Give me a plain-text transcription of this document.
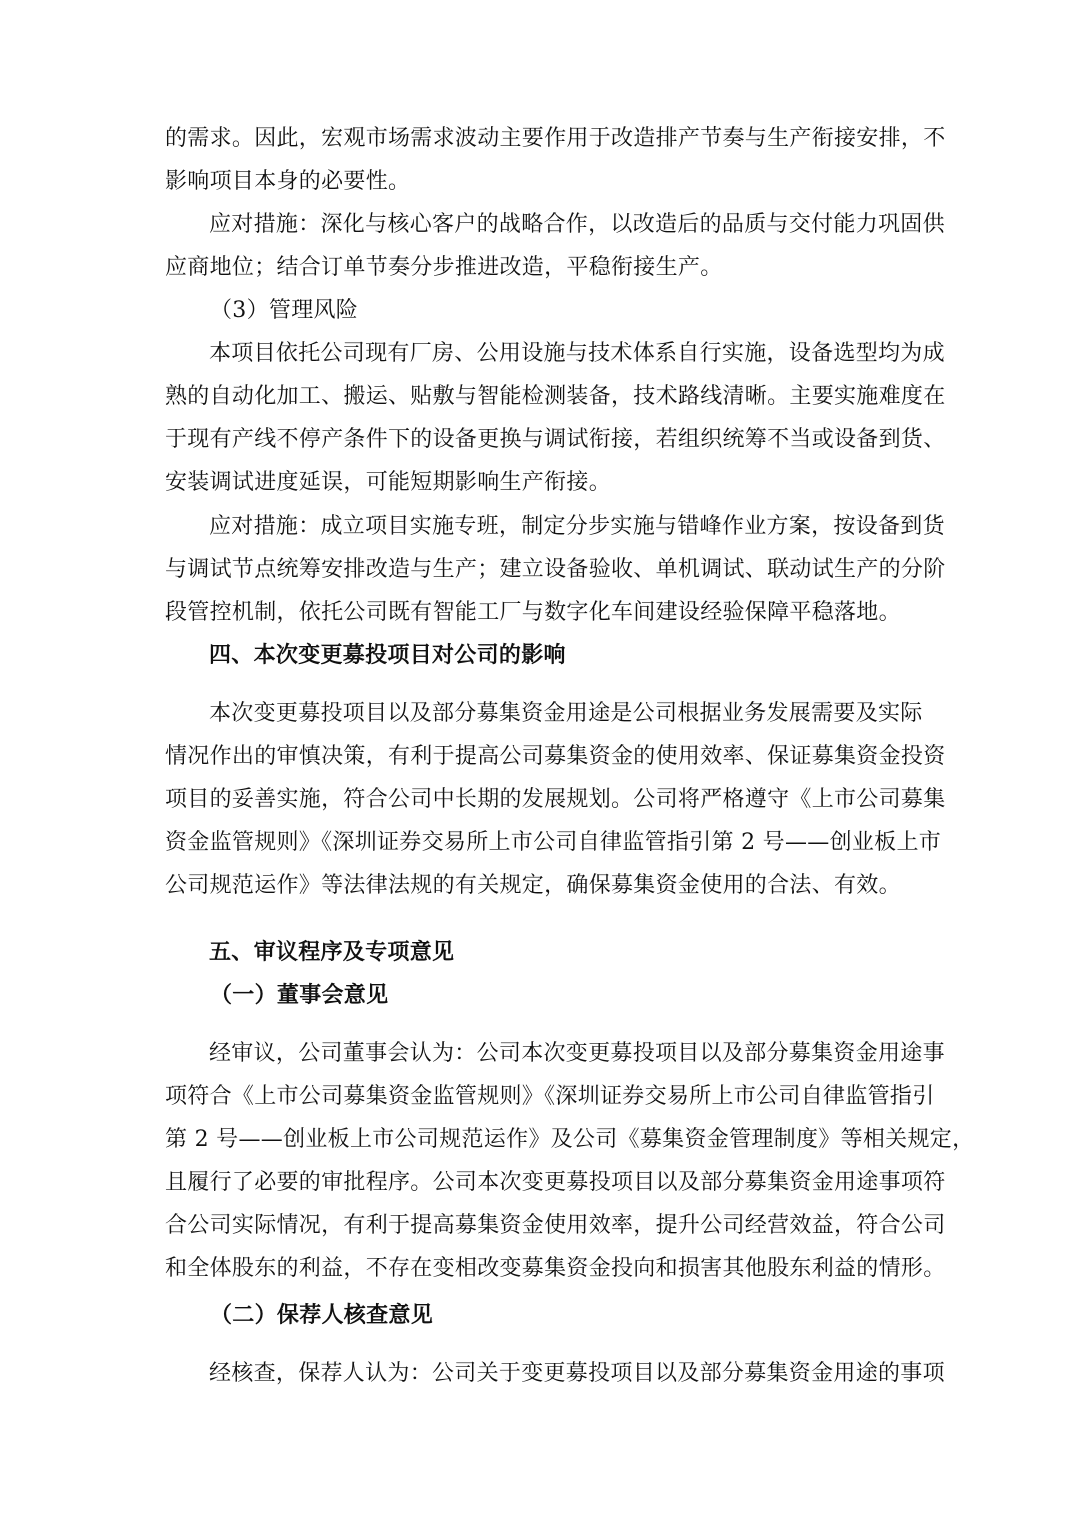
的需求。因此，宏观市场需求波动主要作用于改造排产节奏与生产衔接安排，不
影响项目本身的必要性。
应对措施：深化与核心客户的战略合作，以改造后的品质与交付能力巩固供
应商地位；结合订单节奏分步推进改造，平稳衔接生产。
（3）管理风险
本项目依托公司现有厂房、公用设施与技术体系自行实施，设备选型均为成
熟的自动化加工、搬运、贴敷与智能检测装备，技术路线清晰。主要实施难度在
于现有产线不停产条件下的设备更换与调试衔接，若组织统筹不当或设备到货、
安装调试进度延误，可能短期影响生产衔接。
应对措施：成立项目实施专班，制定分步实施与错峰作业方案，按设备到货
与调试节点统筹安排改造与生产；建立设备验收、单机调试、联动试生产的分阶
段管控机制，依托公司既有智能工厂与数字化车间建设经验保障平稳落地。
四、本次变更募投项目对公司的影响
本次变更募投项目以及部分募集资金用途是公司根据业务发展需要及实际
情况作出的审慎决策，有利于提高公司募集资金的使用效率、保证募集资金投资
项目的妥善实施，符合公司中长期的发展规划。公司将严格遵守《上市公司募集
资金监管规则》《深圳证券交易所上市公司自律监管指引第 2 号——创业板上市
公司规范运作》等法律法规的有关规定，确保募集资金使用的合法、有效。
五、审议程序及专项意见
（一）董事会意见
经审议，公司董事会认为：公司本次变更募投项目以及部分募集资金用途事
项符合《上市公司募集资金监管规则》《深圳证券交易所上市公司自律监管指引
第 2 号——创业板上市公司规范运作》及公司《募集资金管理制度》等相关规定，
且履行了必要的审批程序。公司本次变更募投项目以及部分募集资金用途事项符
合公司实际情况，有利于提高募集资金使用效率，提升公司经营效益，符合公司
和全体股东的利益，不存在变相改变募集资金投向和损害其他股东利益的情形。
（二）保荐人核查意见
经核查，保荐人认为：公司关于变更募投项目以及部分募集资金用途的事项
